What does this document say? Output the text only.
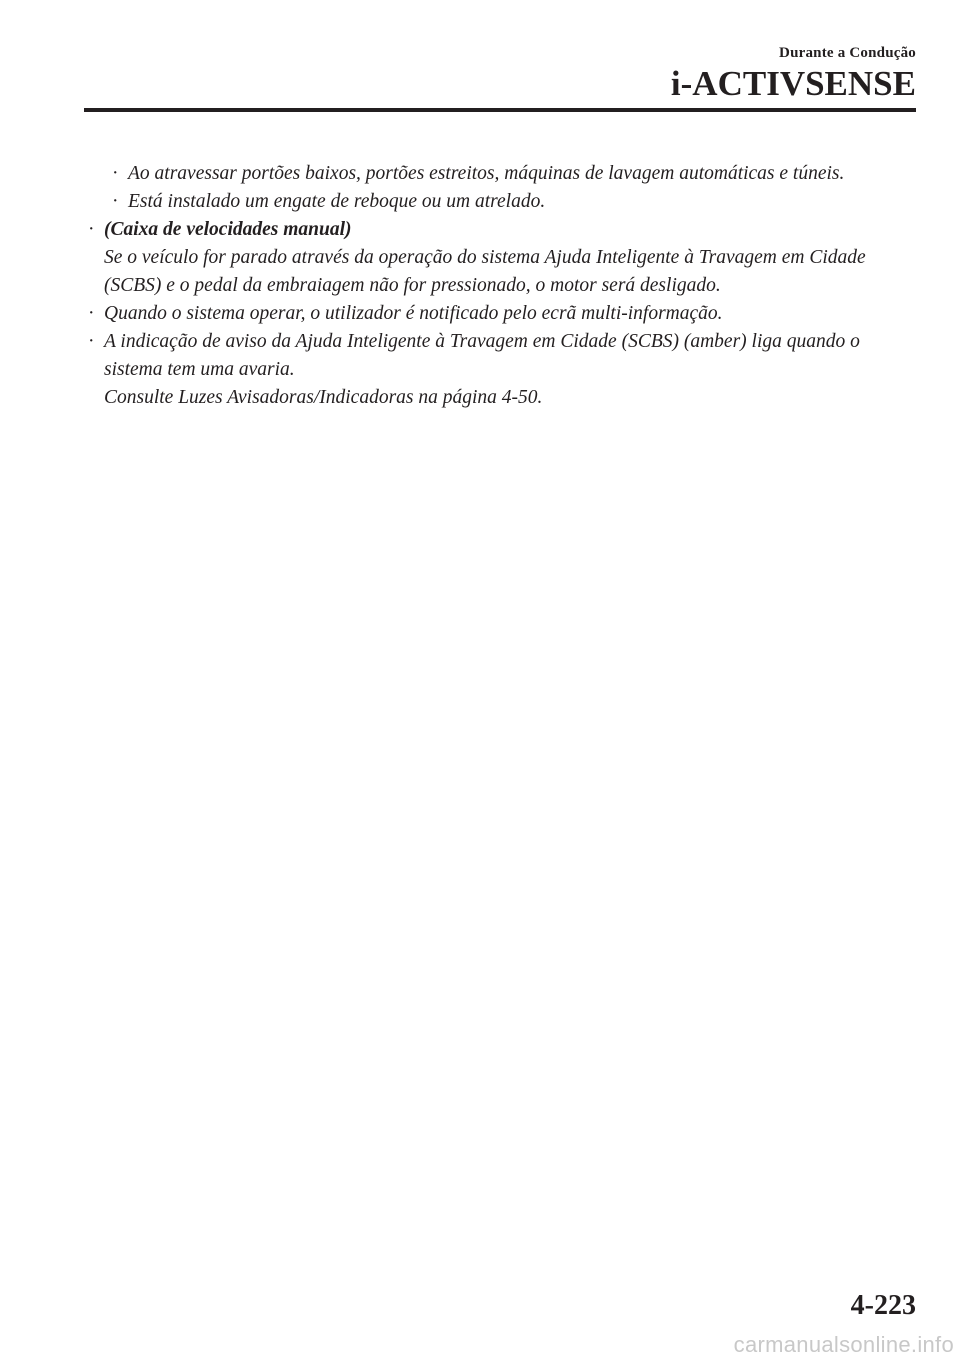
Durante a Condução
i-ACTIVSENSE
· Ao atravessar portões baixos, portões estreitos, máquinas de lavagem automáticas e túneis.
· Está instalado um engate de reboque ou um atrelado.
· (Caixa de velocidades manual)
Se o veículo for parado através da operação do sistema Ajuda Inteligente à Travagem em Cidade (SCBS) e o pedal da embraiagem não for pressionado, o motor será desligado.
· Quando o sistema operar, o utilizador é notificado pelo ecrã multi-informação.
· A indicação de aviso da Ajuda Inteligente à Travagem em Cidade (SCBS) (amber) liga quando o sistema tem uma avaria.
Consulte Luzes Avisadoras/Indicadoras na página 4-50.
4-223
carmanualsonline.info
